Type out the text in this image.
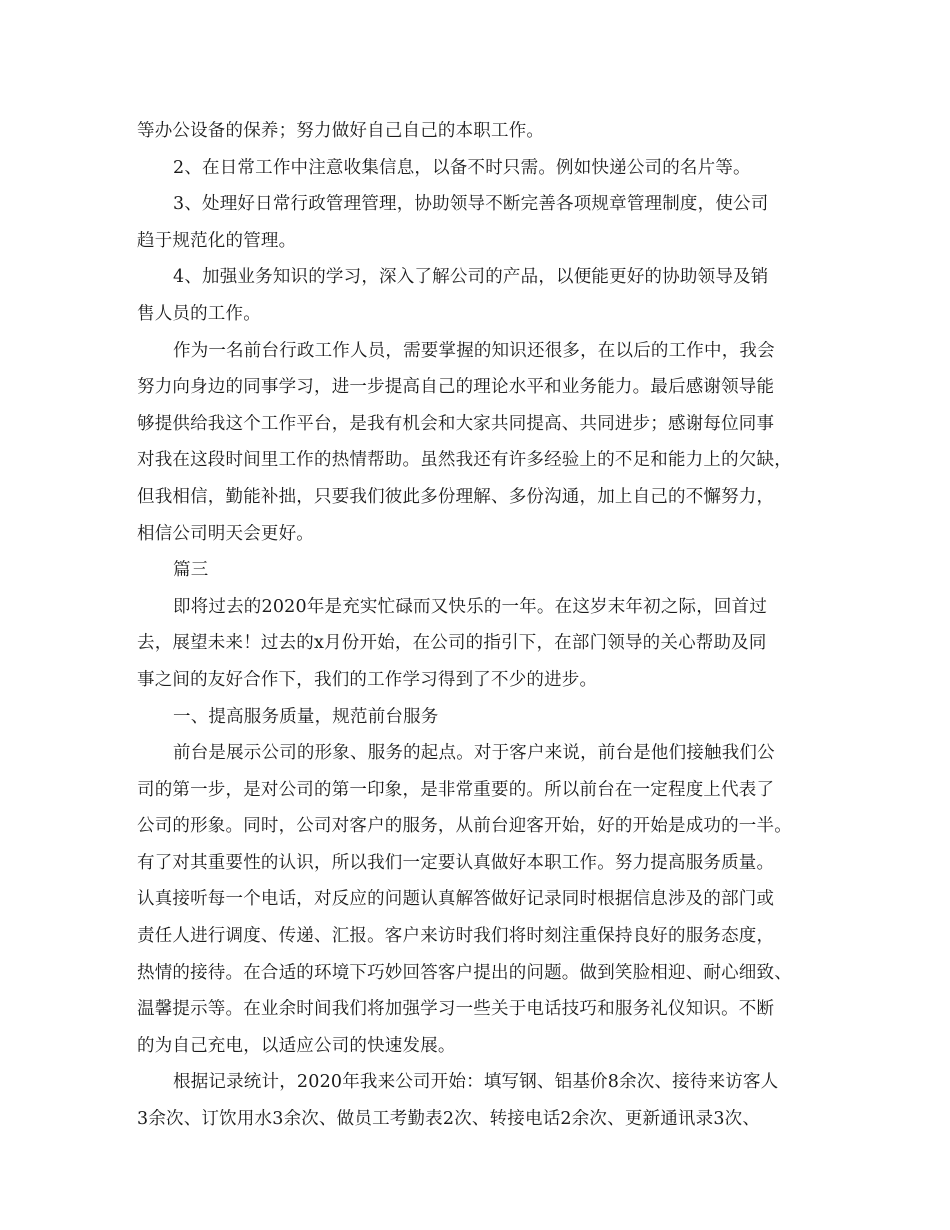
等办公设备的保养；努力做好自己自己的本职工作。
2、在日常工作中注意收集信息，以备不时只需。例如快递公司的名片等。
3、处理好日常行政管理管理，协助领导不断完善各项规章管理制度，使公司
趋于规范化的管理。
4、加强业务知识的学习，深入了解公司的产品，以便能更好的协助领导及销
售人员的工作。
作为一名前台行政工作人员，需要掌握的知识还很多，在以后的工作中，我会
努力向身边的同事学习，进一步提高自己的理论水平和业务能力。最后感谢领导能
够提供给我这个工作平台，是我有机会和大家共同提高、共同进步；感谢每位同事
对我在这段时间里工作的热情帮助。虽然我还有许多经验上的不足和能力上的欠缺，
但我相信，勤能补拙，只要我们彼此多份理解、多份沟通，加上自己的不懈努力，
相信公司明天会更好。
篇三
即将过去的2020年是充实忙碌而又快乐的一年。在这岁末年初之际，回首过
去，展望未来！过去的x月份开始，在公司的指引下，在部门领导的关心帮助及同
事之间的友好合作下，我们的工作学习得到了不少的进步。
一、提高服务质量，规范前台服务
前台是展示公司的形象、服务的起点。对于客户来说，前台是他们接触我们公
司的第一步，是对公司的第一印象，是非常重要的。所以前台在一定程度上代表了
公司的形象。同时，公司对客户的服务，从前台迎客开始，好的开始是成功的一半。
有了对其重要性的认识，所以我们一定要认真做好本职工作。努力提高服务质量。
认真接听每一个电话，对反应的问题认真解答做好记录同时根据信息涉及的部门或
责任人进行调度、传递、汇报。客户来访时我们将时刻注重保持良好的服务态度，
热情的接待。在合适的环境下巧妙回答客户提出的问题。做到笑脸相迎、耐心细致、
温馨提示等。在业余时间我们将加强学习一些关于电话技巧和服务礼仪知识。不断
的为自己充电，以适应公司的快速发展。
根据记录统计，2020年我来公司开始：填写钢、铝基价8余次、接待来访客人
3余次、订饮用水3余次、做员工考勤表2次、转接电话2余次、更新通讯录3次、
